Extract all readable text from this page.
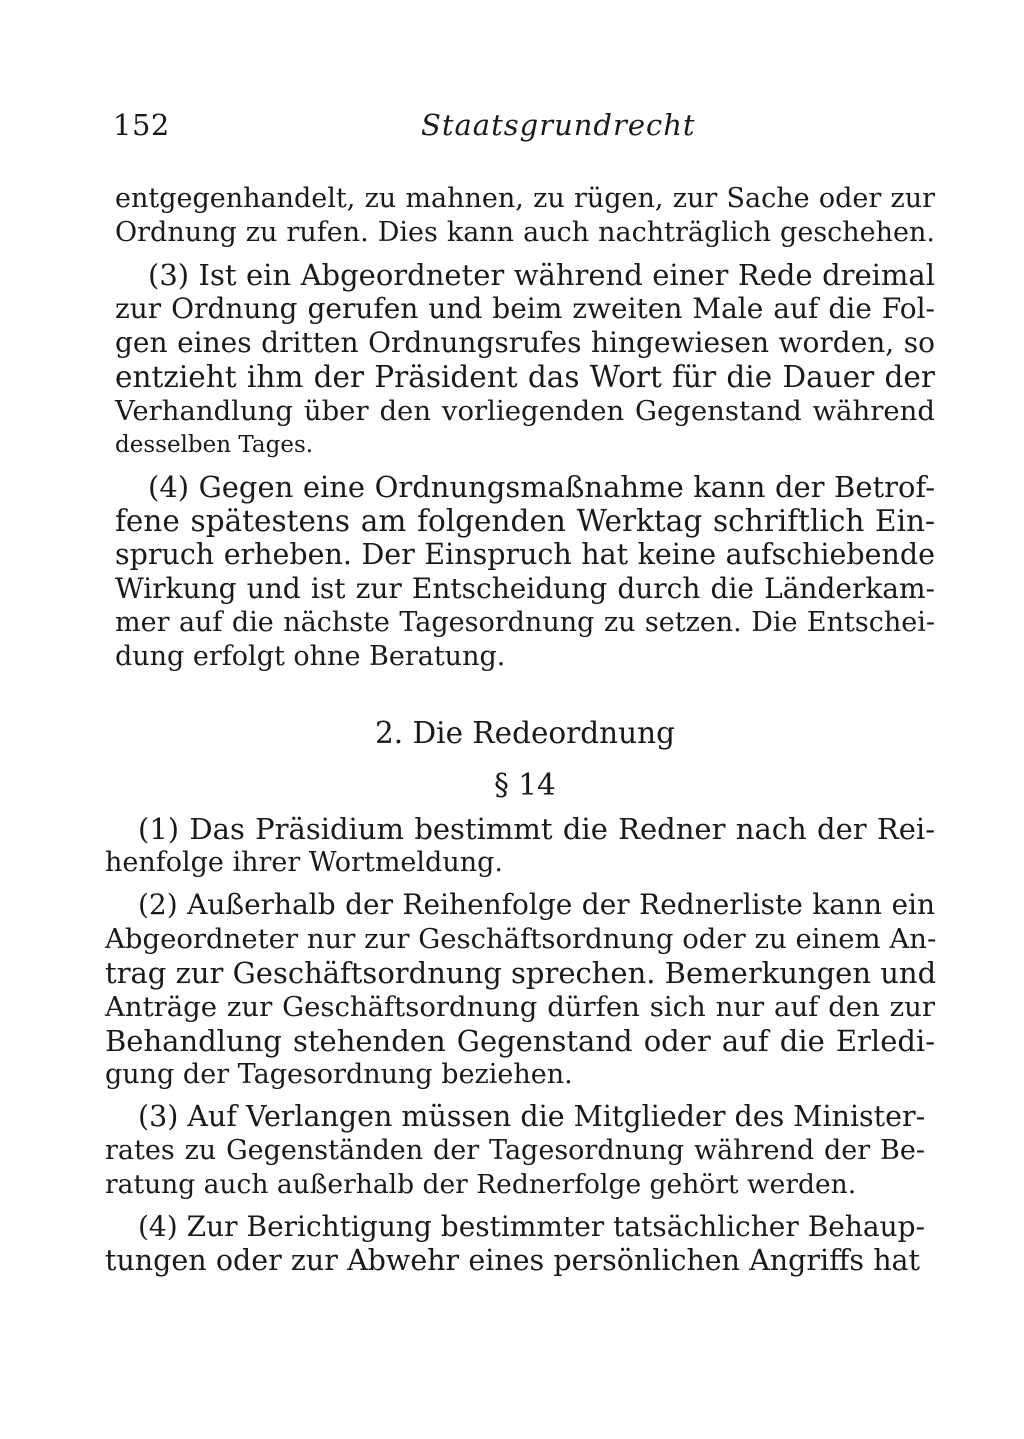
152	Staatsgrundrecht
entgegenhandelt, zu mahnen, zu rügen, zur Sache oder zur
Ordnung zu rufen. Dies kann auch nachträglich geschehen.
(3) Ist ein Abgeordneter während einer Rede dreimal
zur Ordnung gerufen und beim zweiten Male auf die Fol-
gen eines dritten Ordnungsrufes hingewiesen worden, so
entzieht ihm der Präsident das Wort für die Dauer der
Verhandlung über den vorliegenden Gegenstand während
desselben Tages.
(4) Gegen eine Ordnungsmaßnahme kann der Betrof-
fene spätestens am folgenden Werktag schriftlich Ein-
spruch erheben. Der Einspruch hat keine aufschiebende
Wirkung und ist zur Entscheidung durch die Länderkam-
mer auf die nächste Tagesordnung zu setzen. Die Entschei-
dung erfolgt ohne Beratung.
2. Die Redeordnung
§ 14
(1) Das Präsidium bestimmt die Redner nach der Rei-
henfolge ihrer Wortmeldung.
(2) Außerhalb der Reihenfolge der Rednerliste kann ein
Abgeordneter nur zur Geschäftsordnung oder zu einem An-
trag zur Geschäftsordnung sprechen. Bemerkungen und
Anträge zur Geschäftsordnung dürfen sich nur auf den zur
Behandlung stehenden Gegenstand oder auf die Erledi-
gung der Tagesordnung beziehen.
(3) Auf Verlangen müssen die Mitglieder des Minister-
rates zu Gegenständen der Tagesordnung während der Be-
ratung auch außerhalb der Rednerfolge gehört werden.
(4) Zur Berichtigung bestimmter tatsächlicher Behaup-
tungen oder zur Abwehr eines persönlichen Angriffs hat
